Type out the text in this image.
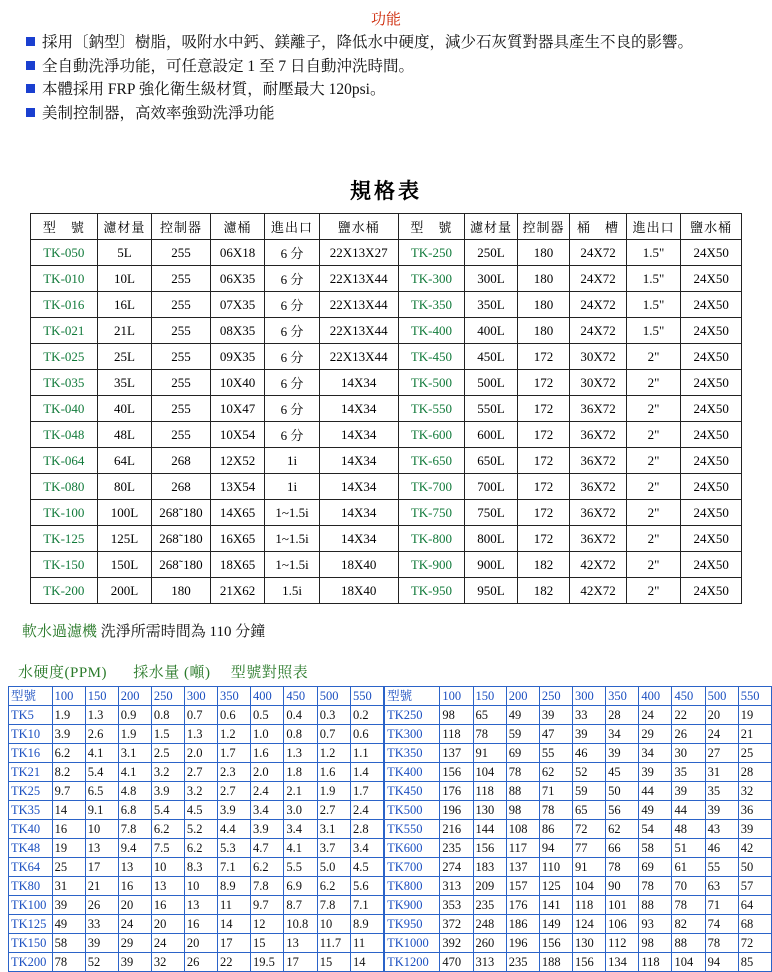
功能
採用〔鈉型〕樹脂，吸附水中鈣、鎂離子，降低水中硬度，減少石灰質對器具產生不良的影響。
全自動洗淨功能，可任意設定 1 至 7 日自動沖洗時間。
本體採用 FRP 強化衛生級材質，耐壓最大 120psi。
美制控制器，高效率強勁洗淨功能
規格表
型　號	濾材量	控制器	濾桶	進出口	鹽水桶	型　號	濾材量	控制器	桶　槽	進出口	鹽水桶
TK-050	5L	255	06X18	6 分	22X13X27	TK-250	250L	180	24X72	1.5"	24X50
TK-010	10L	255	06X35	6 分	22X13X44	TK-300	300L	180	24X72	1.5"	24X50
TK-016	16L	255	07X35	6 分	22X13X44	TK-350	350L	180	24X72	1.5"	24X50
TK-021	21L	255	08X35	6 分	22X13X44	TK-400	400L	180	24X72	1.5"	24X50
TK-025	25L	255	09X35	6 分	22X13X44	TK-450	450L	172	30X72	2"	24X50
TK-035	35L	255	10X40	6 分	14X34	TK-500	500L	172	30X72	2"	24X50
TK-040	40L	255	10X47	6 分	14X34	TK-550	550L	172	36X72	2"	24X50
TK-048	48L	255	10X54	6 分	14X34	TK-600	600L	172	36X72	2"	24X50
TK-064	64L	268	12X52	1i	14X34	TK-650	650L	172	36X72	2"	24X50
TK-080	80L	268	13X54	1i	14X34	TK-700	700L	172	36X72	2"	24X50
TK-100	100L	268˜180	14X65	1~1.5i	14X34	TK-750	750L	172	36X72	2"	24X50
TK-125	125L	268˜180	16X65	1~1.5i	14X34	TK-800	800L	172	36X72	2"	24X50
TK-150	150L	268˜180	18X65	1~1.5i	18X40	TK-900	900L	182	42X72	2"	24X50
TK-200	200L	180	21X62	1.5i	18X40	TK-950	950L	182	42X72	2"	24X50
軟水過濾機 洗淨所需時間為 110 分鐘
水硬度(PPM) 採水量 (噸) 型號對照表
型號	100	150	200	250	300	350	400	450	500	550
TK5	1.9	1.3	0.9	0.8	0.7	0.6	0.5	0.4	0.3	0.2
TK10	3.9	2.6	1.9	1.5	1.3	1.2	1.0	0.8	0.7	0.6
TK16	6.2	4.1	3.1	2.5	2.0	1.7	1.6	1.3	1.2	1.1
TK21	8.2	5.4	4.1	3.2	2.7	2.3	2.0	1.8	1.6	1.4
TK25	9.7	6.5	4.8	3.9	3.2	2.7	2.4	2.1	1.9	1.7
TK35	14	9.1	6.8	5.4	4.5	3.9	3.4	3.0	2.7	2.4
TK40	16	10	7.8	6.2	5.2	4.4	3.9	3.4	3.1	2.8
TK48	19	13	9.4	7.5	6.2	5.3	4.7	4.1	3.7	3.4
TK64	25	17	13	10	8.3	7.1	6.2	5.5	5.0	4.5
TK80	31	21	16	13	10	8.9	7.8	6.9	6.2	5.6
TK100	39	26	20	16	13	11	9.7	8.7	7.8	7.1
TK125	49	33	24	20	16	14	12	10.8	10	8.9
TK150	58	39	29	24	20	17	15	13	11.7	11
TK200	78	52	39	32	26	22	19.5	17	15	14
型號	100	150	200	250	300	350	400	450	500	550
TK250	98	65	49	39	33	28	24	22	20	19
TK300	118	78	59	47	39	34	29	26	24	21
TK350	137	91	69	55	46	39	34	30	27	25
TK400	156	104	78	62	52	45	39	35	31	28
TK450	176	118	88	71	59	50	44	39	35	32
TK500	196	130	98	78	65	56	49	44	39	36
TK550	216	144	108	86	72	62	54	48	43	39
TK600	235	156	117	94	77	66	58	51	46	42
TK700	274	183	137	110	91	78	69	61	55	50
TK800	313	209	157	125	104	90	78	70	63	57
TK900	353	235	176	141	118	101	88	78	71	64
TK950	372	248	186	149	124	106	93	82	74	68
TK1000	392	260	196	156	130	112	98	88	78	72
TK1200	470	313	235	188	156	134	118	104	94	85
